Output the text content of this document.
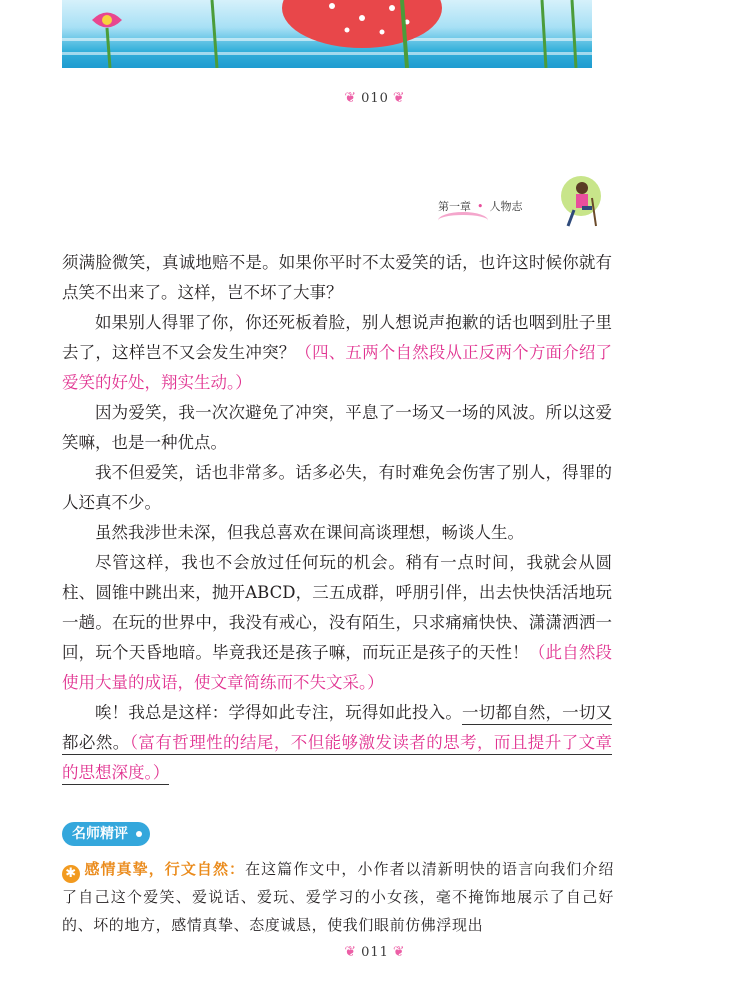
❦ 010 ❦
第一章 • 人物志

须满脸微笑，真诚地赔不是。如果你平时不太爱笑的话，也许这时候你就有点笑不出来了。这样，岂不坏了大事？

如果别人得罪了你，你还死板着脸，别人想说声抱歉的话也咽到肚子里去了，这样岂不又会发生冲突？（四、五两个自然段从正反两个方面介绍了爱笑的好处，翔实生动。）

因为爱笑，我一次次避免了冲突，平息了一场又一场的风波。所以这爱笑嘛，也是一种优点。

我不但爱笑，话也非常多。话多必失，有时难免会伤害了别人，得罪的人还真不少。

虽然我涉世未深，但我总喜欢在课间高谈理想，畅谈人生。

尽管这样，我也不会放过任何玩的机会。稍有一点时间，我就会从圆柱、圆锥中跳出来，抛开ABCD，三五成群，呼朋引伴，出去快快活活地玩一趟。在玩的世界中，我没有戒心，没有陌生，只求痛痛快快、潇潇洒洒一回，玩个天昏地暗。毕竟我还是孩子嘛，而玩正是孩子的天性！（此自然段使用大量的成语，使文章简练而不失文采。）

唉！我总是这样：学得如此专注，玩得如此投入。一切都自然，一切又都必然。（富有哲理性的结尾，不但能够激发读者的思考，而且提升了文章的思想深度。）

名师精评
✱ 感情真挚，行文自然：在这篇作文中，小作者以清新明快的语言向我们介绍了自己这个爱笑、爱说话、爱玩、爱学习的小女孩，毫不掩饰地展示了自己好的、坏的地方，感情真挚、态度诚恳，使我们眼前仿佛浮现出
❦ 011 ❦
